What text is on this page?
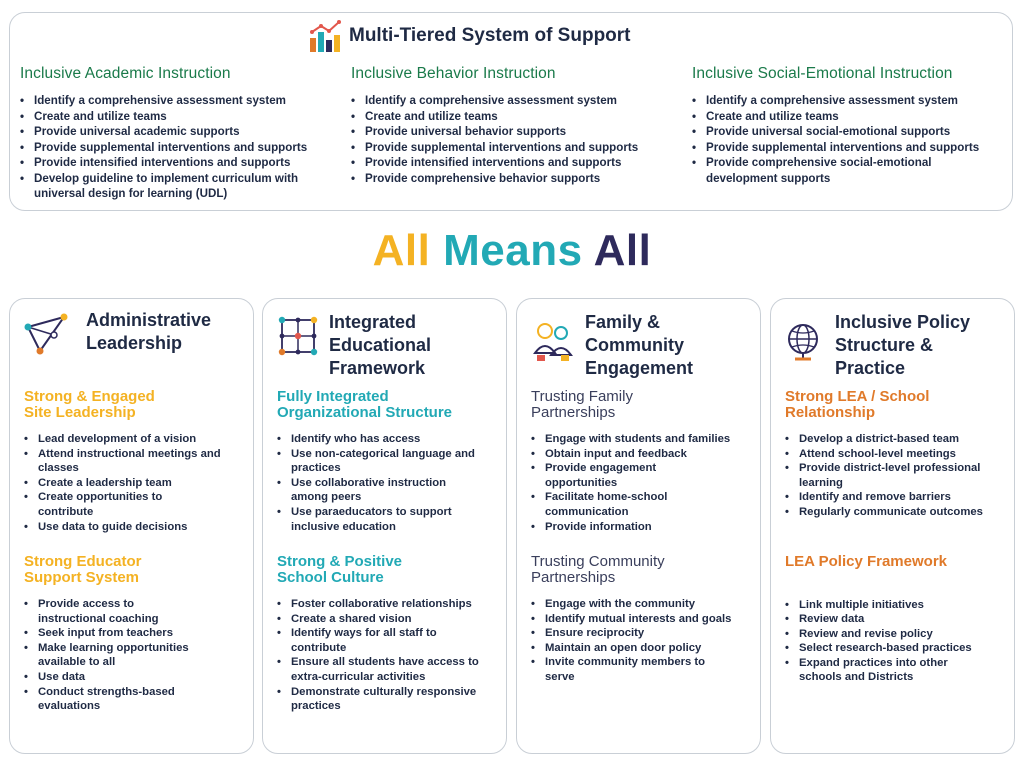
Multi-Tiered System of Support
Inclusive Academic Instruction
• Identify a comprehensive assessment system
• Create and utilize teams
• Provide universal academic supports
• Provide supplemental interventions and supports
• Provide intensified interventions and supports
• Develop guideline to implement curriculum with universal design for learning (UDL)
Inclusive Behavior Instruction
• Identify a comprehensive assessment system
• Create and utilize teams
• Provide universal behavior supports
• Provide supplemental interventions and supports
• Provide intensified interventions and supports
• Provide comprehensive behavior supports
Inclusive Social-Emotional Instruction
• Identify a comprehensive assessment system
• Create and utilize teams
• Provide universal social-emotional supports
• Provide supplemental interventions and supports
• Provide comprehensive social-emotional development supports
All Means All
Administrative Leadership
Strong & Engaged Site Leadership
• Lead development of a vision
• Attend instructional meetings and classes
• Create a leadership team
• Create opportunities to contribute
• Use data to guide decisions
Strong Educator Support System
• Provide access to instructional coaching
• Seek input from teachers
• Make learning opportunities available to all
• Use data
• Conduct strengths-based evaluations
Integrated Educational Framework
Fully Integrated Organizational Structure
• Identify who has access
• Use non-categorical language and practices
• Use collaborative instruction among peers
• Use paraeducators to support inclusive education
Strong & Positive School Culture
• Foster collaborative relationships
• Create a shared vision
• Identify ways for all staff to contribute
• Ensure all students have access to extra-curricular activities
• Demonstrate culturally responsive practices
Family & Community Engagement
Trusting Family Partnerships
• Engage with students and families
• Obtain input and feedback
• Provide engagement opportunities
• Facilitate home-school communication
• Provide information
Trusting Community Partnerships
• Engage with the community
• Identify mutual interests and goals
• Ensure reciprocity
• Maintain an open door policy
• Invite community members to serve
Inclusive Policy Structure & Practice
Strong LEA / School Relationship
• Develop a district-based team
• Attend school-level meetings
• Provide district-level professional learning
• Identify and remove barriers
• Regularly communicate outcomes
LEA Policy Framework
• Link multiple initiatives
• Review data
• Review and revise policy
• Select research-based practices
• Expand practices into other schools and Districts
